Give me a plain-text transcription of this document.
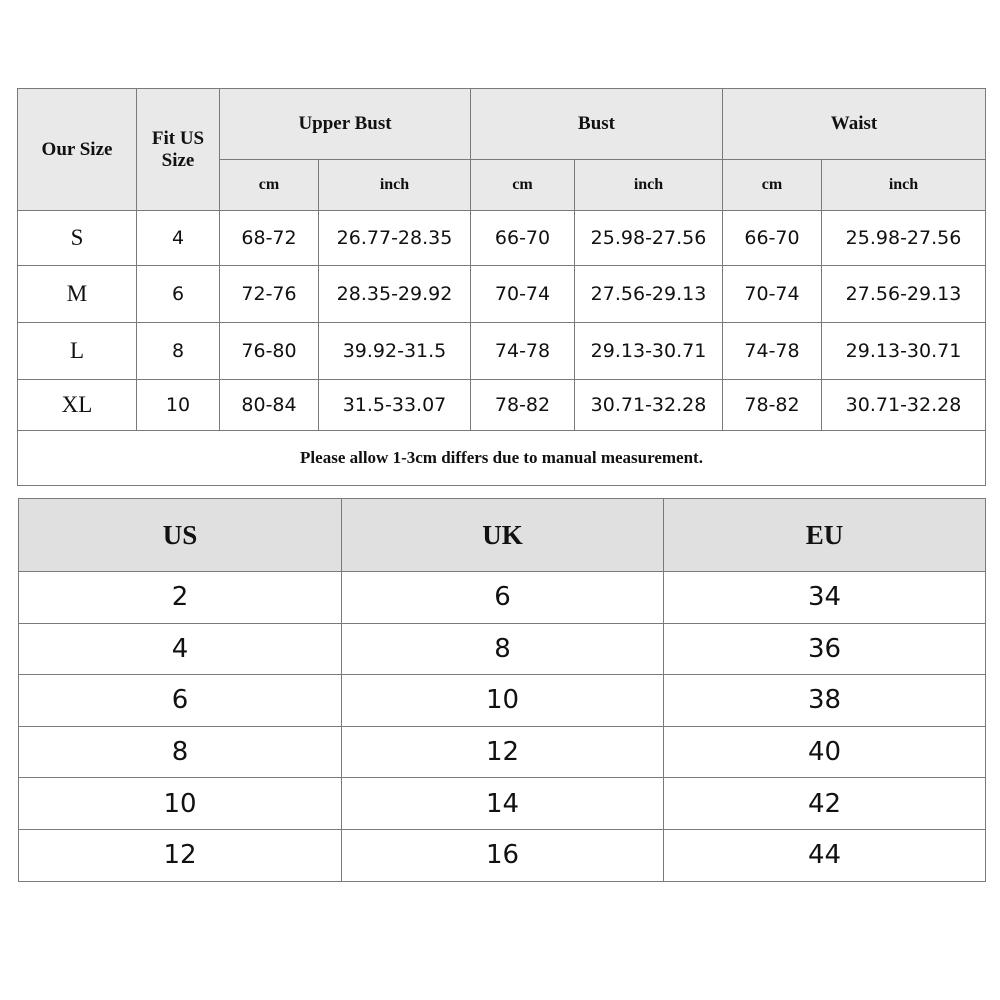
Our Size	Fit US Size	Upper Bust		Bust		Waist	
		cm	inch	cm	inch	cm	inch
S	4	68-72	26.77-28.35	66-70	25.98-27.56	66-70	25.98-27.56
M	6	72-76	28.35-29.92	70-74	27.56-29.13	70-74	27.56-29.13
L	8	76-80	39.92-31.5	74-78	29.13-30.71	74-78	29.13-30.71
XL	10	80-84	31.5-33.07	78-82	30.71-32.28	78-82	30.71-32.28
Please allow 1-3cm differs due to manual measurement.							
US	UK	EU
2	6	34
4	8	36
6	10	38
8	12	40
10	14	42
12	16	44
